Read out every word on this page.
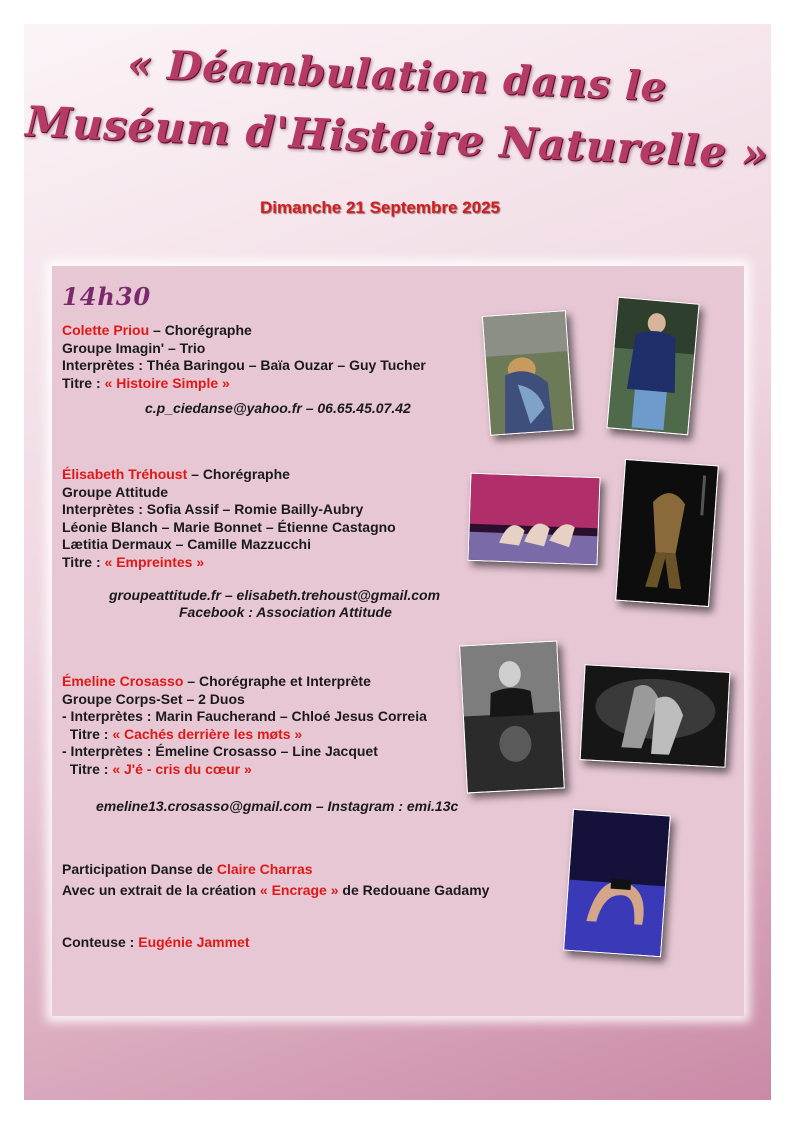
« Déambulation dans le
Muséum d'Histoire Naturelle »
Dimanche 21 Septembre 2025
14h30
Colette Priou – Chorégraphe
Groupe Imagin' – Trio
Interprètes : Théa Baringou – Baïa Ouzar – Guy Tucher
Titre : « Histoire Simple »
c.p_ciedanse@yahoo.fr – 06.65.45.07.42
Élisabeth Tréhoust – Chorégraphe
Groupe Attitude
Interprètes : Sofia Assif – Romie Bailly-Aubry
Léonie Blanch – Marie Bonnet – Étienne Castagno
Lætitia Dermaux – Camille Mazzucchi
Titre : « Empreintes »
groupeattitude.fr – elisabeth.trehoust@gmail.com
Facebook : Association Attitude
Émeline Crosasso – Chorégraphe et Interprète
Groupe Corps-Set – 2 Duos
- Interprètes : Marin Faucherand – Chloé Jesus Correia
Titre : « Cachés derrière les møts »
- Interprètes : Émeline Crosasso – Line Jacquet
Titre : « J'é - cris du cœur »
emeline13.crosasso@gmail.com – Instagram : emi.13c
Participation Danse de Claire Charras
Avec un extrait de la création « Encrage » de Redouane Gadamy
Conteuse : Eugénie Jammet
